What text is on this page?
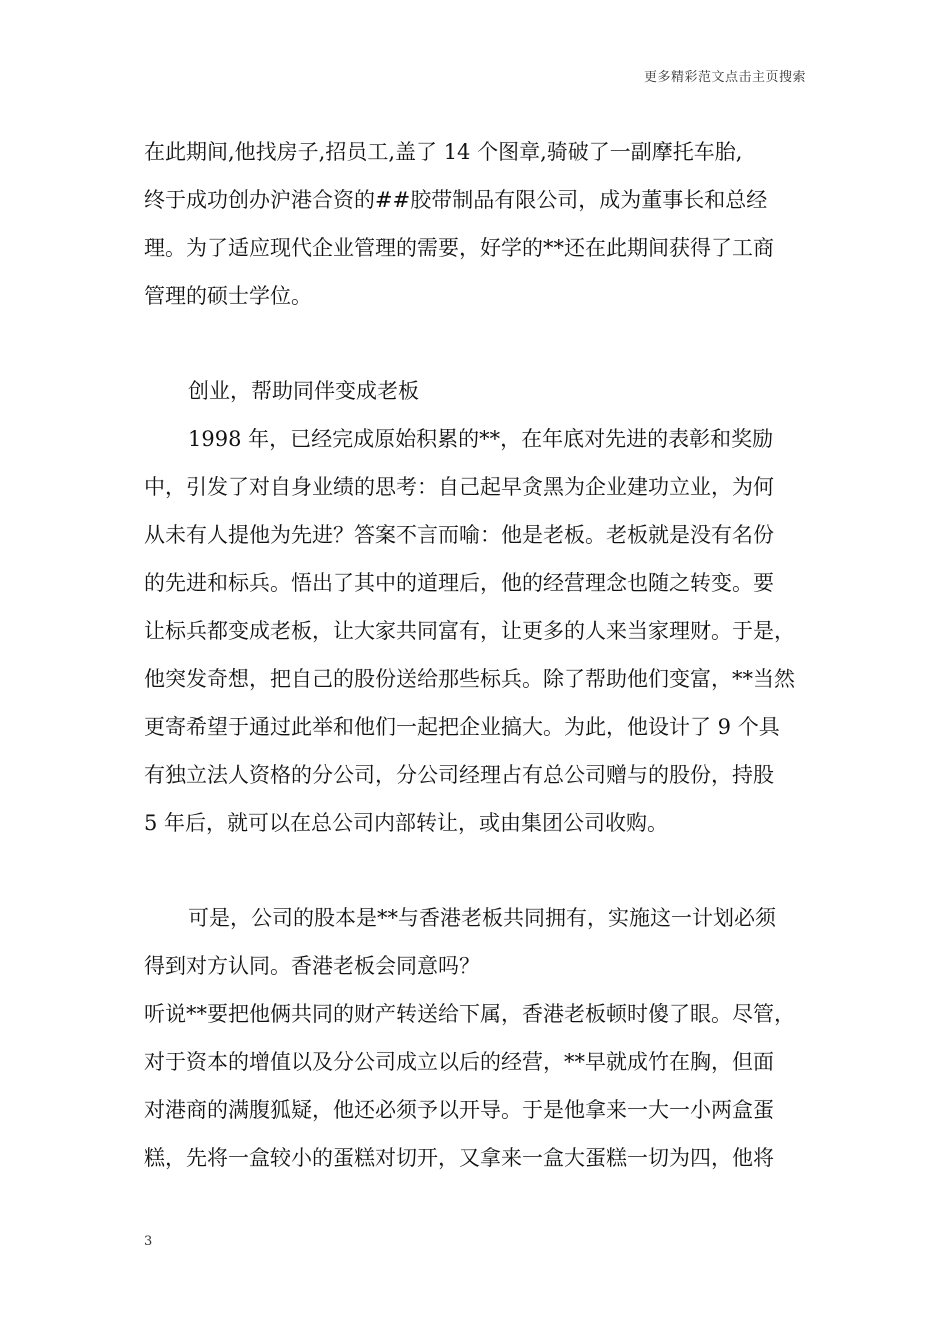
更多精彩范文点击主页搜索
在此期间,他找房子,招员工,盖了 14 个图章,骑破了一副摩托车胎,
终于成功创办沪港合资的##胶带制品有限公司，成为董事长和总经
理。为了适应现代企业管理的需要，好学的**还在此期间获得了工商
管理的硕士学位。
创业，帮助同伴变成老板
1998 年，已经完成原始积累的**，在年底对先进的表彰和奖励
中，引发了对自身业绩的思考：自己起早贪黑为企业建功立业，为何
从未有人提他为先进？答案不言而喻：他是老板。老板就是没有名份
的先进和标兵。悟出了其中的道理后，他的经营理念也随之转变。要
让标兵都变成老板，让大家共同富有，让更多的人来当家理财。于是，
他突发奇想，把自己的股份送给那些标兵。除了帮助他们变富，**当然
更寄希望于通过此举和他们一起把企业搞大。为此，他设计了 9 个具
有独立法人资格的分公司，分公司经理占有总公司赠与的股份，持股
5 年后，就可以在总公司内部转让，或由集团公司收购。
可是，公司的股本是**与香港老板共同拥有，实施这一计划必须
得到对方认同。香港老板会同意吗？
听说**要把他俩共同的财产转送给下属，香港老板顿时傻了眼。尽管，
对于资本的增值以及分公司成立以后的经营，**早就成竹在胸，但面
对港商的满腹狐疑，他还必须予以开导。于是他拿来一大一小两盒蛋
糕，先将一盒较小的蛋糕对切开，又拿来一盒大蛋糕一切为四，他将
3
